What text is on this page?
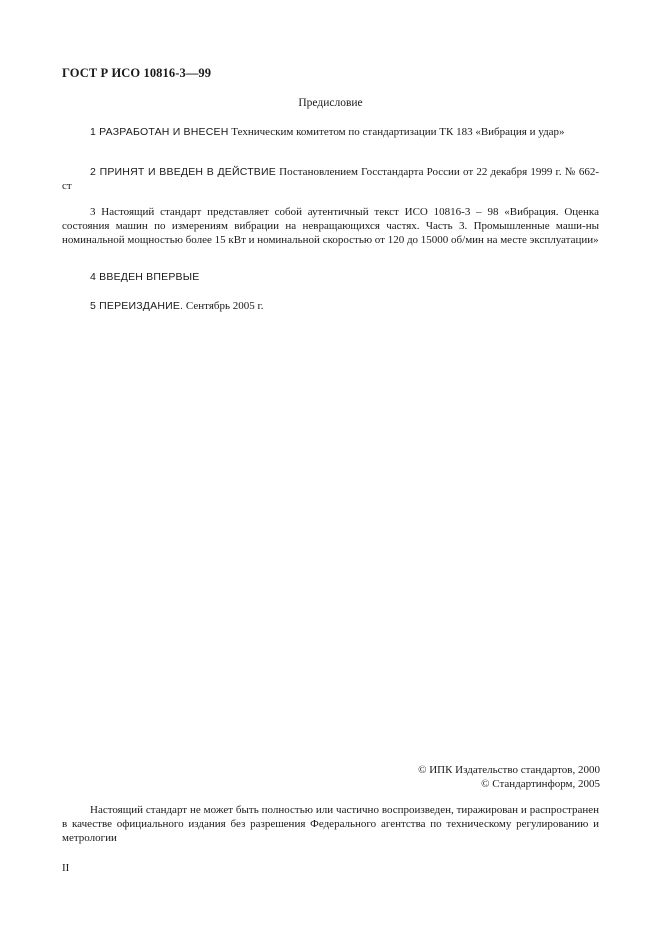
ГОСТ Р ИСО 10816-3—99
Предисловие

1 РАЗРАБОТАН И ВНЕСЕН Техническим комитетом по стандартизации ТК 183 «Вибрация и удар»

2 ПРИНЯТ И ВВЕДЕН В ДЕЙСТВИЕ Постановлением Госстандарта России от 22 декабря 1999 г. № 662-ст

3 Настоящий стандарт представляет собой аутентичный текст ИСО 10816-3 – 98 «Вибрация. Оценка состояния машин по измерениям вибрации на невращающихся частях. Часть 3. Промышленные маши-ны номинальной мощностью более 15 кВт и номинальной скоростью от 120 до 15000 об/мин на месте эксплуатации»

4 ВВЕДЕН ВПЕРВЫЕ

5 ПЕРЕИЗДАНИЕ. Сентябрь 2005 г.

© ИПК Издательство стандартов, 2000
© Стандартинформ, 2005

Настоящий стандарт не может быть полностью или частично воспроизведен, тиражирован и распространен в качестве официального издания без разрешения Федерального агентства по техническому регулированию и метрологии

II
